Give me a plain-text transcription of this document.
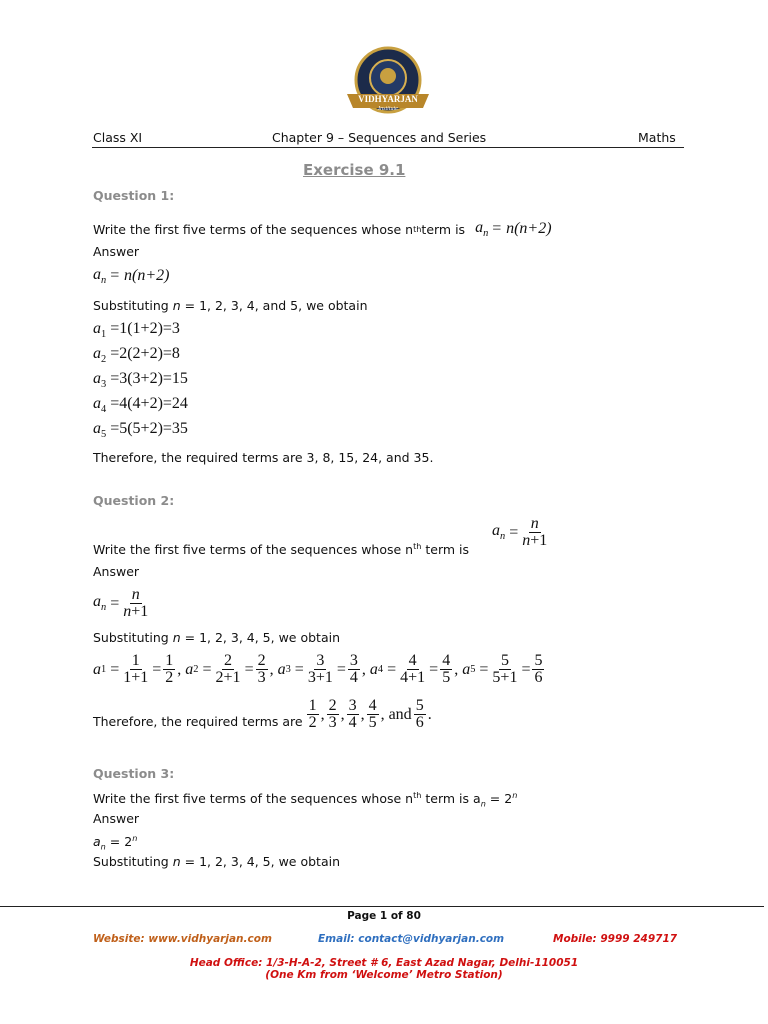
VIDHYARJAN
Institute
Class XI	Chapter 9 – Sequences and Series	Maths
Exercise 9.1
Question 1:
Write the first five terms of the sequences whose n th term is $a_n = n(n+2)$
Answer
$a_n = n(n+2)$
Substituting n = 1, 2, 3, 4, and 5, we obtain
$a_1 =1(1+2)=3$
$a_2 =2(2+2)=8$
$a_3 =3(3+2)=15$
$a_4 =4(4+2)=24$
$a_5 =5(5+2)=35$
Therefore, the required terms are 3, 8, 15, 24, and 35.
Question 2:
Write the first five terms of the sequences whose $n^{th}$ term is
$a_n = \frac{n}{n+1}$
Answer
$a_n = \frac{n}{n+1}$
Substituting n = 1, 2, 3, 4, 5, we obtain
a $1 = \frac{1}{1+1} = \frac{1}{2}$ , a $2 = \frac{2}{2+1} = \frac{2}{3}$ , a $3 = \frac{3}{3+1} = \frac{3}{4}$ , a $4 = \frac{4}{4+1} = \frac{4}{5}$ , a $5 = \frac{5}{5+1} = \frac{5}{6}$
Therefore, the required terms are $\frac{1}{2}$ , $\frac{2}{3}$ , $\frac{3}{4}$ , $\frac{4}{5}$ , and $\frac{5}{6}$ .
Question 3:
Write the first five terms of the sequences whose $n^{th}$ term is $a_n = 2^n$
Answer
$a_n = 2^n$
Substituting n = 1, 2, 3, 4, 5, we obtain
Page 1 of 80
Website: www.vidhyarjan.com	Email: contact@vidhyarjan.com	Mobile: 9999 249717
Head Office: 1/3-H-A-2, Street # 6, East Azad Nagar, Delhi-110051
(One Km from ‘Welcome’ Metro Station)
